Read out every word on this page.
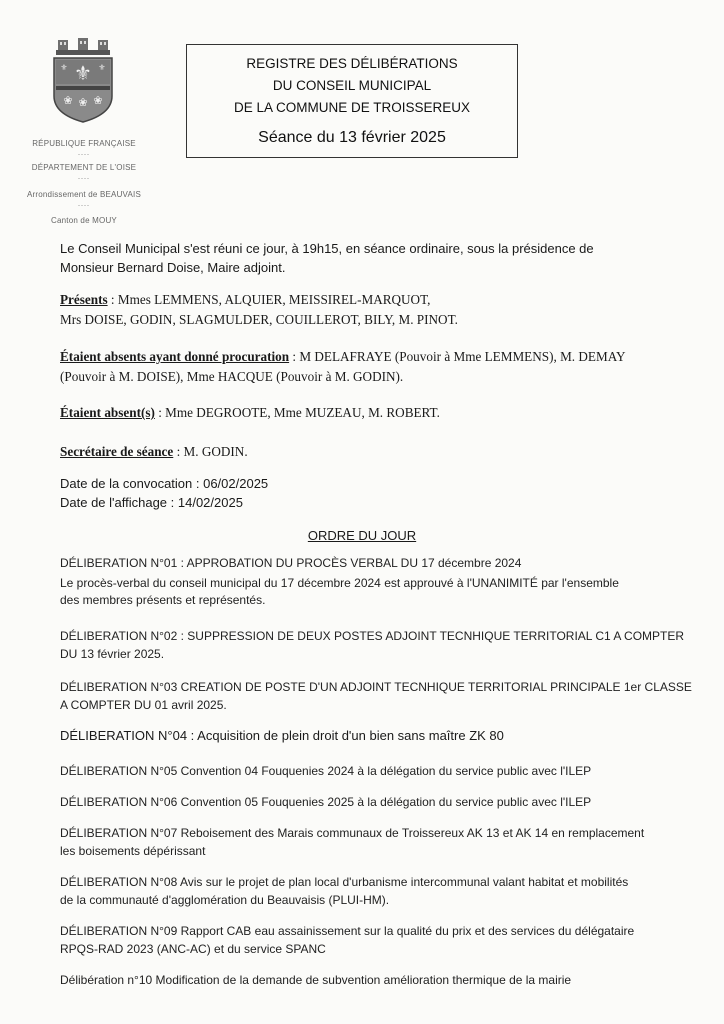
⚜
⚜	⚜
❀ ❀ ❀
RÉPUBLIQUE FRANÇAISE
----
DÉPARTEMENT DE L'OISE
----
Arrondissement de BEAUVAIS
----
Canton de MOUY
REGISTRE DES DÉLIBÉRATIONS
DU CONSEIL MUNICIPAL
DE LA COMMUNE DE TROISSEREUX
Séance du 13 février 2025
Le Conseil Municipal s'est réuni ce jour, à 19h15, en séance ordinaire, sous la présidence de
Monsieur Bernard Doise, Maire adjoint.
Présents : Mmes LEMMENS, ALQUIER, MEISSIREL-MARQUOT,
Mrs DOISE, GODIN, SLAGMULDER, COUILLEROT, BILY, M. PINOT.
Étaient absents ayant donné procuration : M DELAFRAYE (Pouvoir à Mme LEMMENS), M. DEMAY
(Pouvoir à M. DOISE), Mme HACQUE (Pouvoir à M. GODIN).
Étaient absent(s) : Mme DEGROOTE, Mme MUZEAU, M. ROBERT.
Secrétaire de séance : M. GODIN.
Date de la convocation : 06/02/2025
Date de l'affichage : 14/02/2025
ORDRE DU JOUR
DÉLIBERATION N°01 : APPROBATION DU PROCÈS VERBAL DU 17 décembre 2024
Le procès-verbal du conseil municipal du 17 décembre 2024 est approuvé à l'UNANIMITÉ par l'ensemble
des membres présents et représentés.
DÉLIBERATION N°02 : SUPPRESSION DE DEUX POSTES ADJOINT TECNHIQUE TERRITORIAL C1 A COMPTER
DU 13 février 2025.
DÉLIBERATION N°03 CREATION DE POSTE D'UN ADJOINT TECNHIQUE TERRITORIAL PRINCIPALE 1er CLASSE
A COMPTER DU 01 avril 2025.
DÉLIBERATION N°04 : Acquisition de plein droit d'un bien sans maître ZK 80
DÉLIBERATION N°05 Convention 04 Fouquenies 2024 à la délégation du service public avec l'ILEP
DÉLIBERATION N°06 Convention 05 Fouquenies 2025 à la délégation du service public avec l'ILEP
DÉLIBERATION N°07 Reboisement des Marais communaux de Troissereux AK 13 et AK 14 en remplacement
les boisements dépérissant
DÉLIBERATION N°08 Avis sur le projet de plan local d'urbanisme intercommunal valant habitat et mobilités
de la communauté d'agglomération du Beauvaisis (PLUI-HM).
DÉLIBERATION N°09 Rapport CAB eau assainissement sur la qualité du prix et des services du délégataire
RPQS-RAD 2023 (ANC-AC) et du service SPANC
Délibération n°10 Modification de la demande de subvention amélioration thermique de la mairie
